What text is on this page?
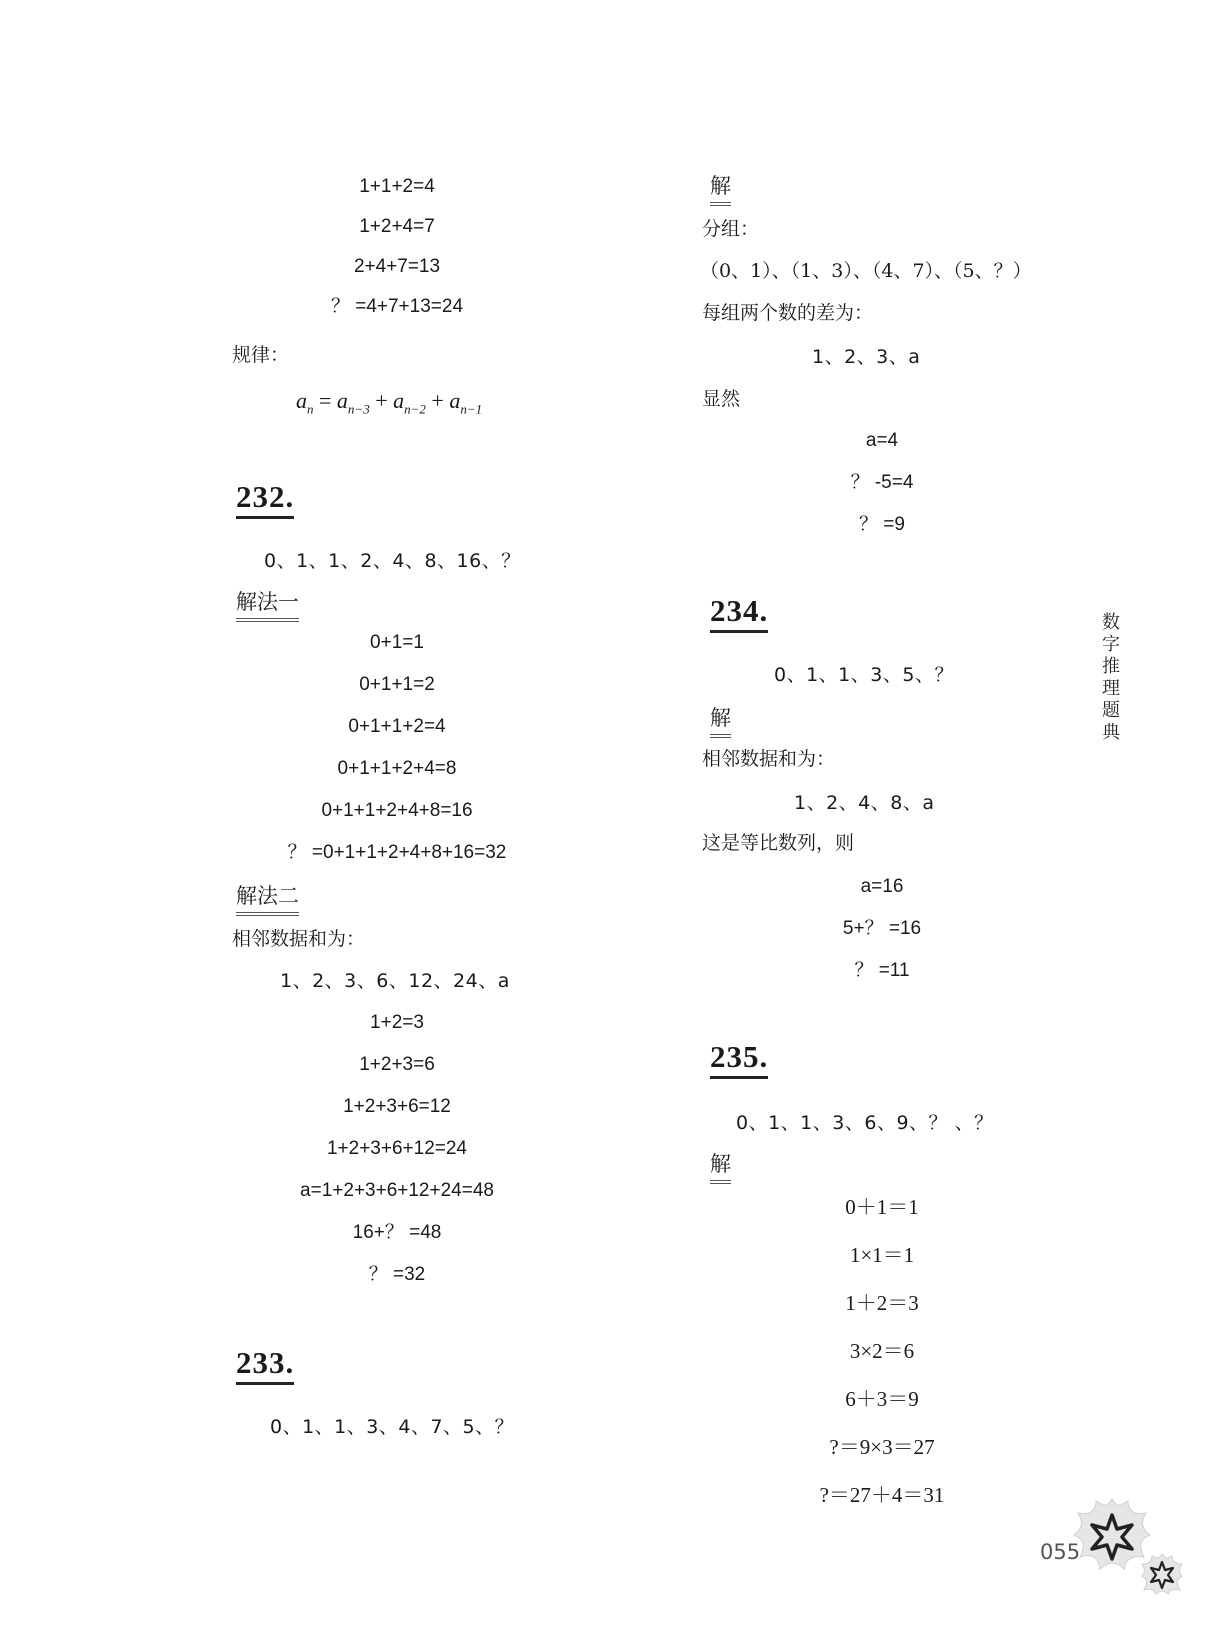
1+1+2=4
1+2+4=7
2+4+7=13
？ =4+7+13=24
规律：
$a_n = a_{n-3} + a_{n-2} + a_{n-1}$
232.
0、1、1、2、4、8、16、？
解法一
0+1=1
0+1+1=2
0+1+1+2=4
0+1+1+2+4=8
0+1+1+2+4+8=16
？ =0+1+1+2+4+8+16=32
解法二
相邻数据和为：
1、2、3、6、12、24、a
1+2=3
1+2+3=6
1+2+3+6=12
1+2+3+6+12=24
a=1+2+3+6+12+24=48
16+？ =48
？ =32
233.
0、1、1、3、4、7、5、？
解
分组：
（0、1）、（1、3）、（4、7）、（5、？）
每组两个数的差为：
1、2、3、a
显然
a=4
？ -5=4
？ =9
234.
0、1、1、3、5、？
解
相邻数据和为：
1、2、4、8、a
这是等比数列，则
a=16
5+？ =16
？ =11
235.
0、1、1、3、6、9、？ 、？
解
0＋1＝1
1×1＝1
1＋2＝3
3×2＝6
6＋3＝9
?＝9×3＝27
?＝27＋4＝31
数
字
推
理
题
典
055
